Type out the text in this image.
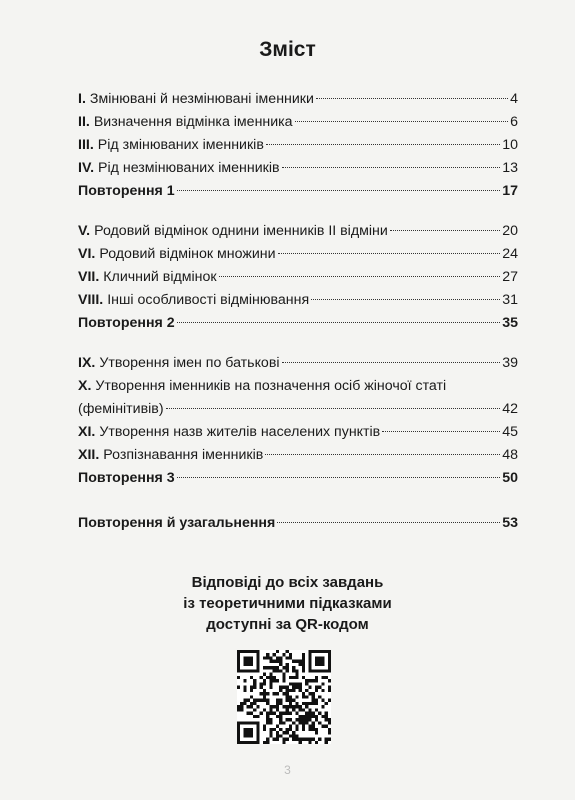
Зміст
I. Змінювані й незмінювані іменники	4
II. Визначення відмінка іменника	6
III. Рід змінюваних іменників	10
IV. Рід незмінюваних іменників	13
Повторення 1	17
V. Родовий відмінок однини іменників ІІ відміни	20
VI. Родовий відмінок множини	24
VII. Кличний відмінок	27
VIII. Інші особливості відмінювання	31
Повторення 2	35
IX. Утворення імен по батькові	39
X. Утворення іменників на позначення осіб жіночої статі
(фемінітивів)	42
XI. Утворення назв жителів населених пунктів	45
XII. Розпізнавання іменників	48
Повторення 3	50
Повторення й узагальнення	53
Відповіді до всіх завдань
із теоретичними підказками
доступні за QR-кодом
3
